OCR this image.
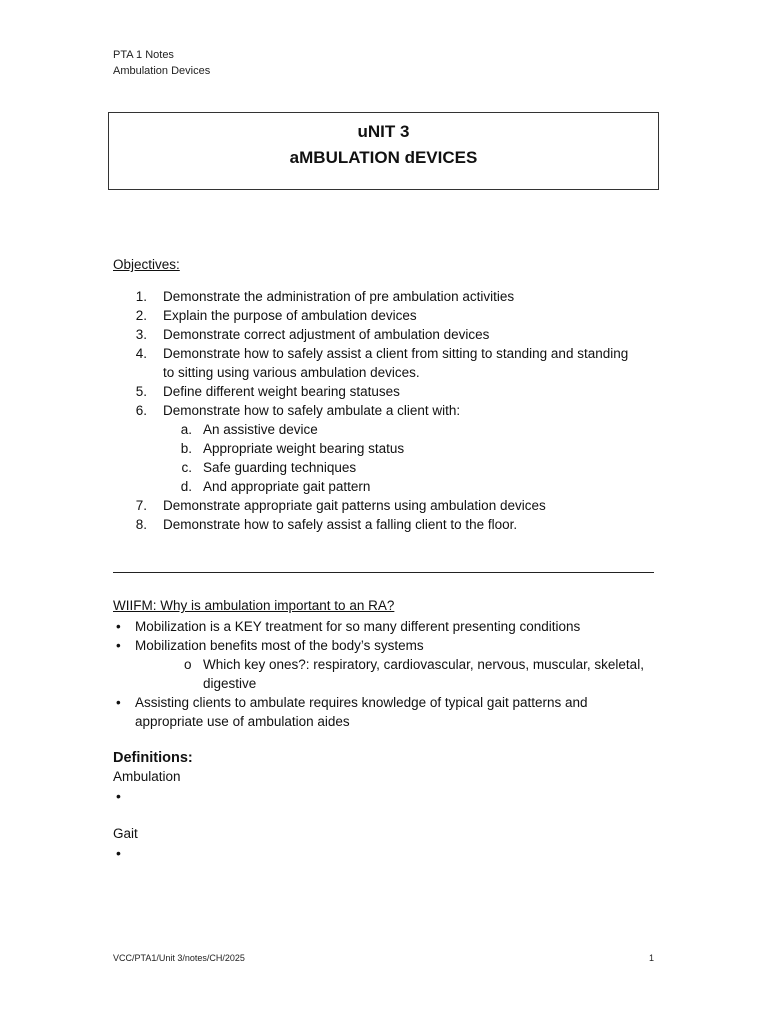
PTA 1 Notes
Ambulation Devices
uNIT 3
aMBULATION dEVICES
Objectives:
1. Demonstrate the administration of pre ambulation activities
2. Explain the purpose of ambulation devices
3. Demonstrate correct adjustment of ambulation devices
4. Demonstrate how to safely assist a client from sitting to standing and standing
to sitting using various ambulation devices.
5. Define different weight bearing statuses
6. Demonstrate how to safely ambulate a client with:
a. An assistive device
b. Appropriate weight bearing status
c. Safe guarding techniques
d. And appropriate gait pattern
7. Demonstrate appropriate gait patterns using ambulation devices
8. Demonstrate how to safely assist a falling client to the floor.
WIIFM: Why is ambulation important to an RA?
• Mobilization is a KEY treatment for so many different presenting conditions
• Mobilization benefits most of the body’s systems
o Which key ones?: respiratory, cardiovascular, nervous, muscular, skeletal,
digestive
• Assisting clients to ambulate requires knowledge of typical gait patterns and
appropriate use of ambulation aides
Definitions:
Ambulation
•
Gait
•
VCC/PTA1/Unit 3/notes/CH/2025	1
